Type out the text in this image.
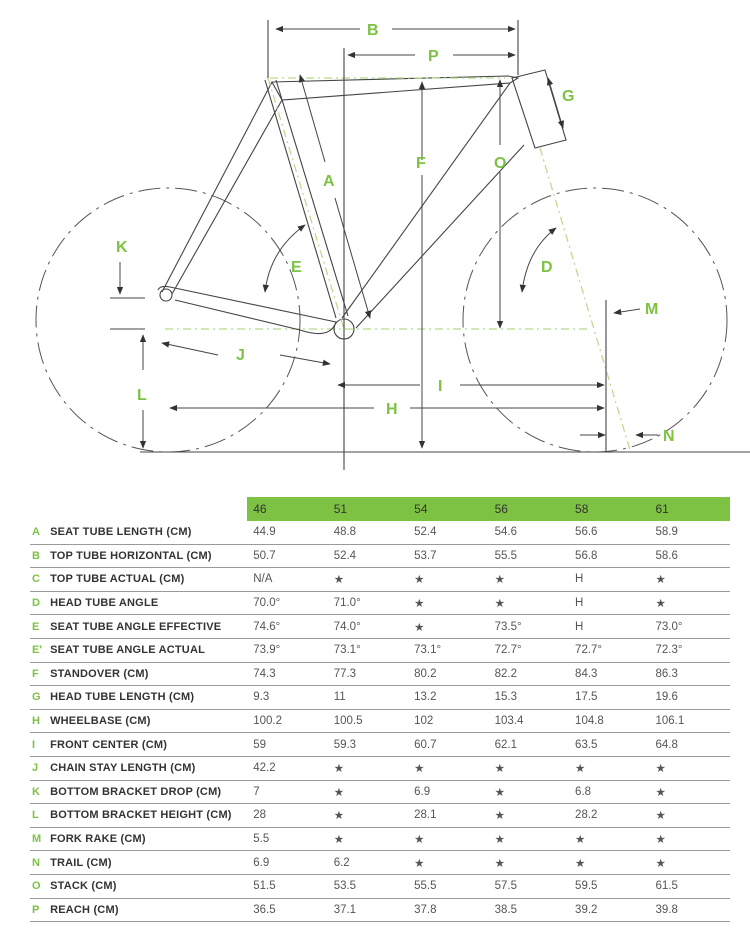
B
P
G
A
F	O
E	D
K
M
J
L
I
H
N
		46	51	54	56	58	61
A	SEAT TUBE LENGTH (CM)	44.9	48.8	52.4	54.6	56.6	58.9
B	TOP TUBE HORIZONTAL (CM)	50.7	52.4	53.7	55.5	56.8	58.6
C	TOP TUBE ACTUAL (CM)	N/A	★	★	★	H	★
D	HEAD TUBE ANGLE	70.0°	71.0°	★	★	H	★
E	SEAT TUBE ANGLE EFFECTIVE	74.6°	74.0°	★	73.5°	H	73.0°
E'	SEAT TUBE ANGLE ACTUAL	73.9°	73.1°	73.1°	72.7°	72.7°	72.3°
F	STANDOVER (CM)	74.3	77.3	80.2	82.2	84.3	86.3
G	HEAD TUBE LENGTH (CM)	9.3	11	13.2	15.3	17.5	19.6
H	WHEELBASE (CM)	100.2	100.5	102	103.4	104.8	106.1
I	FRONT CENTER (CM)	59	59.3	60.7	62.1	63.5	64.8
J	CHAIN STAY LENGTH (CM)	42.2	★	★	★	★	★
K	BOTTOM BRACKET DROP (CM)	7	★	6.9	★	6.8	★
L	BOTTOM BRACKET HEIGHT (CM)	28	★	28.1	★	28.2	★
M	FORK RAKE (CM)	5.5	★	★	★	★	★
N	TRAIL (CM)	6.9	6.2	★	★	★	★
O	STACK (CM)	51.5	53.5	55.5	57.5	59.5	61.5
P	REACH (CM)	36.5	37.1	37.8	38.5	39.2	39.8
